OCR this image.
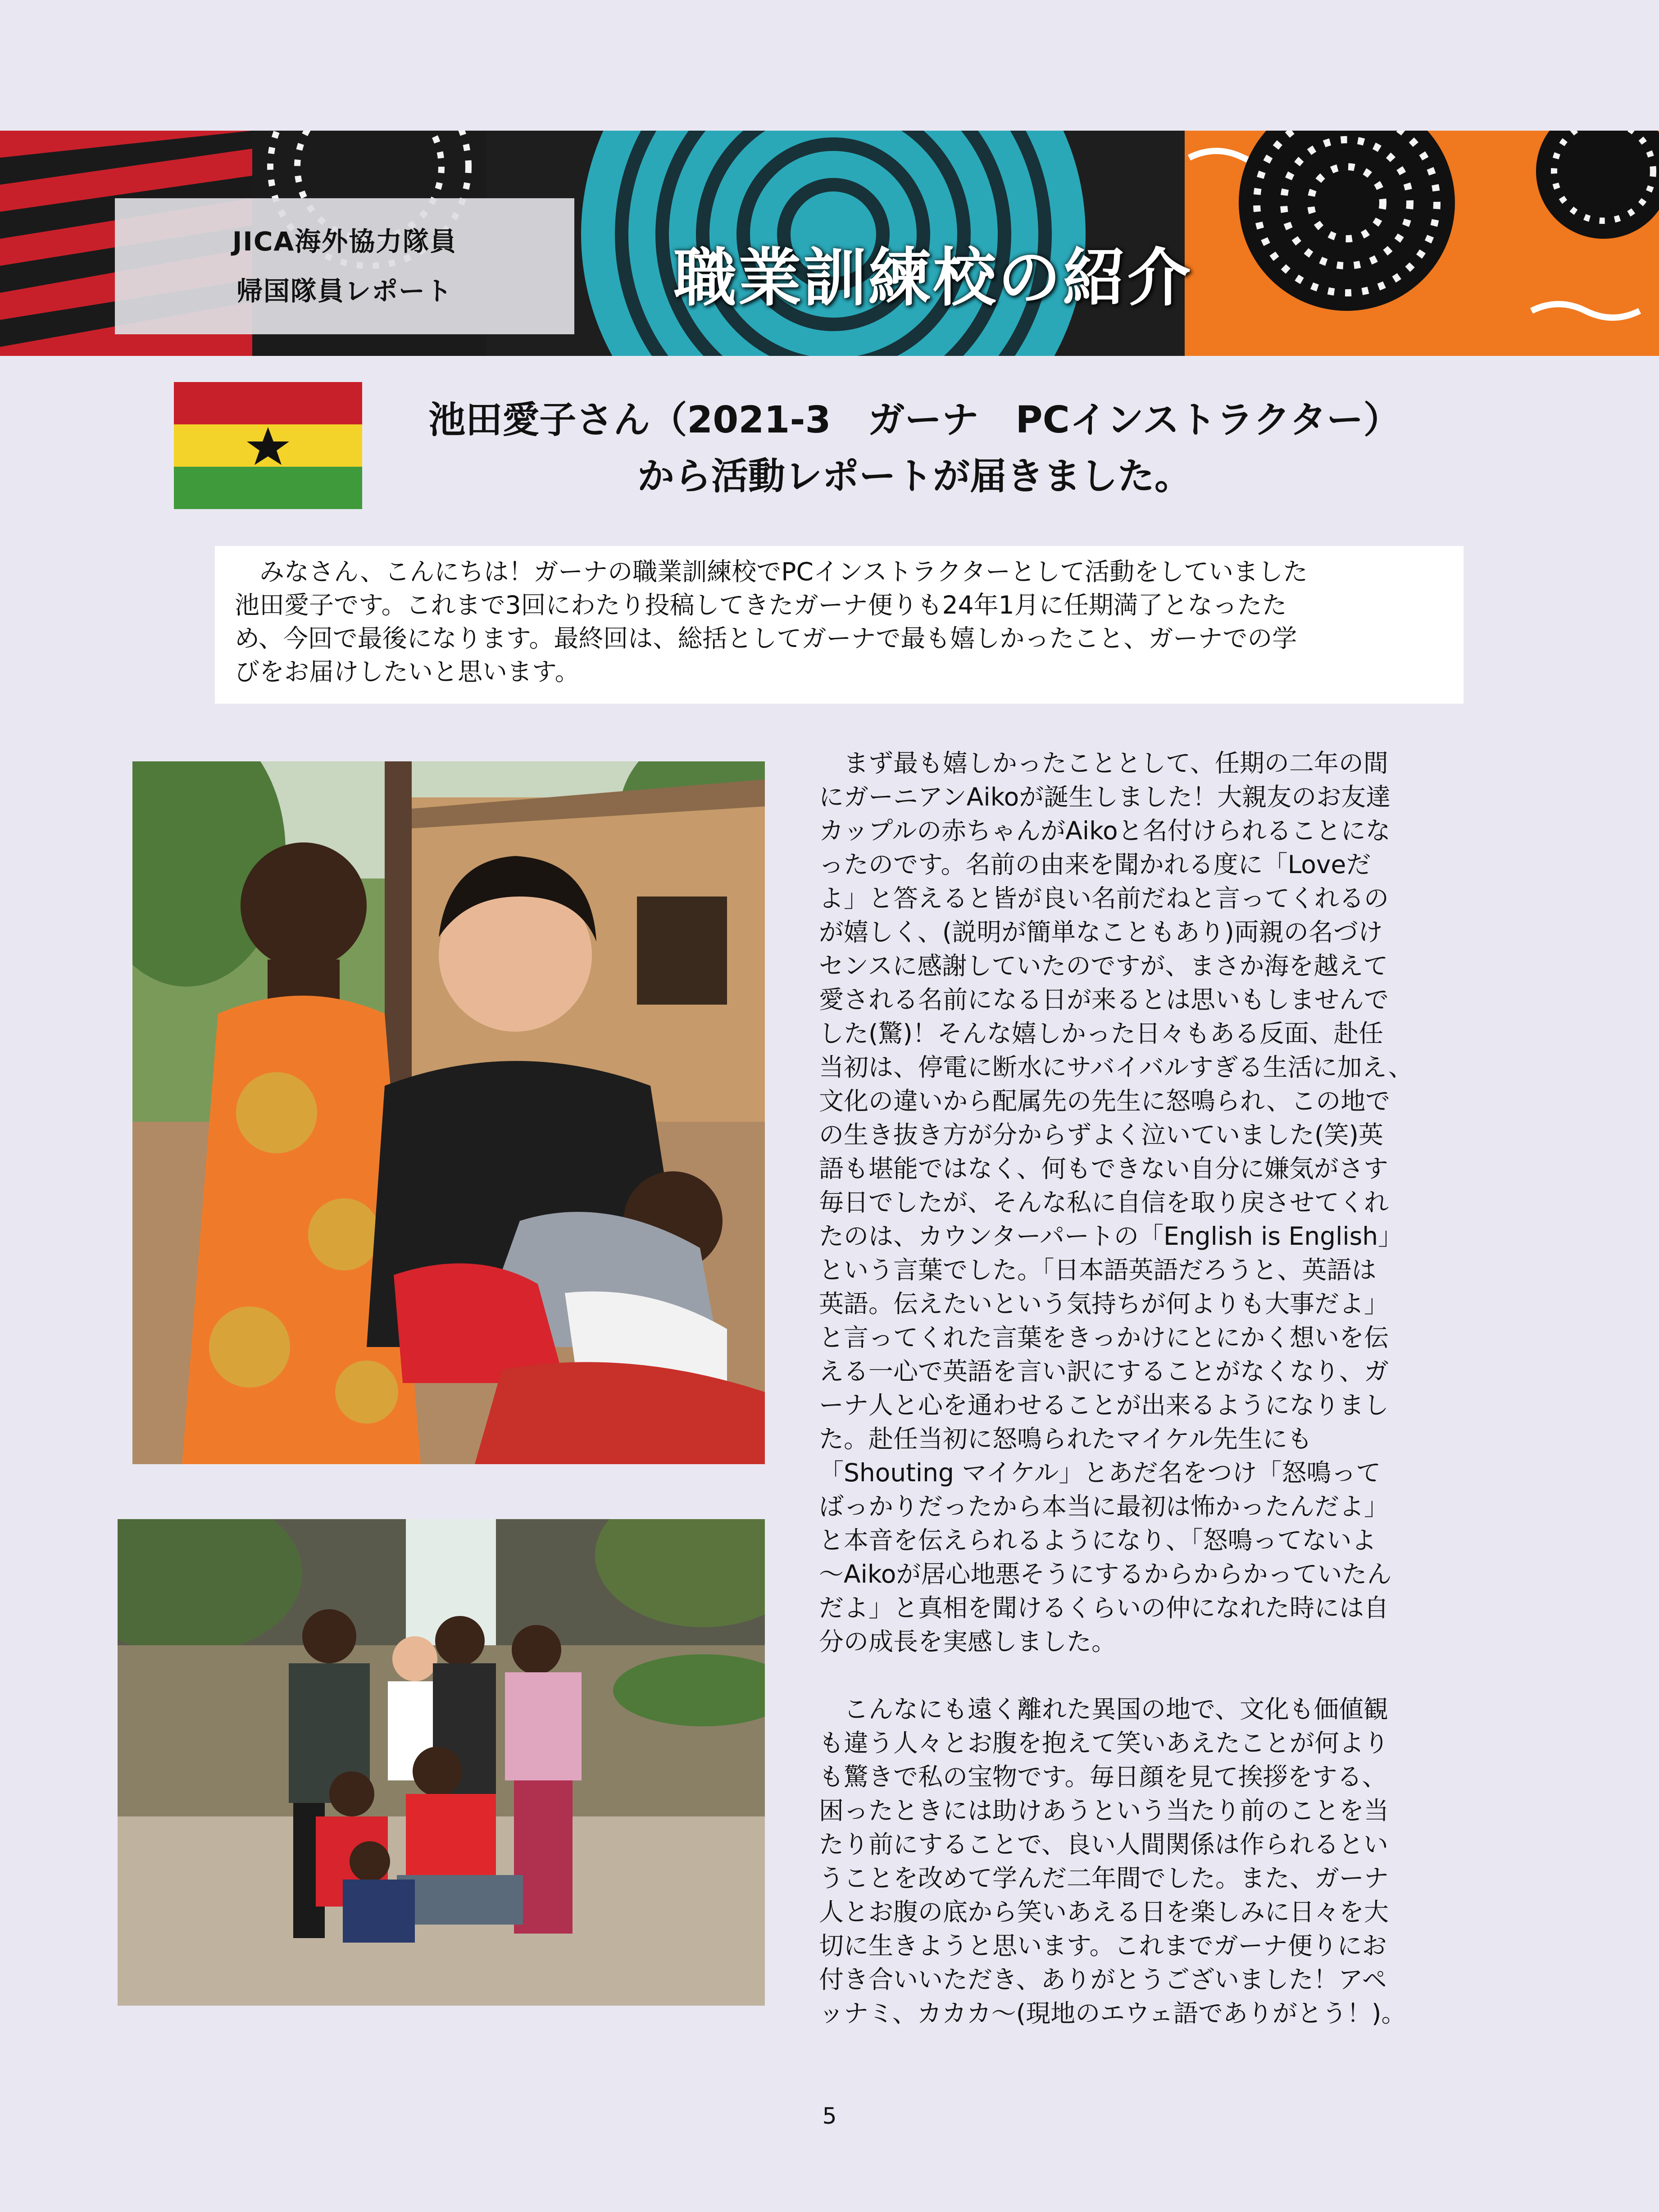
JICA海外協力隊員
帰国隊員レポート	職業訓練校の紹介
池田愛子さん（2021-3　ガーナ　PCインストラクター）
から活動レポートが届きました。
　みなさん、こんにちは！ガーナの職業訓練校でPCインストラクターとして活動をしていました
池田愛子です。これまで3回にわたり投稿してきたガーナ便りも24年1月に任期満了となったた
め、今回で最後になります。最終回は、総括としてガーナで最も嬉しかったこと、ガーナでの学
びをお届けしたいと思います。
　まず最も嬉しかったこととして、任期の二年の間
にガーニアンAikoが誕生しました！大親友のお友達
カップルの赤ちゃんがAikoと名付けられることにな
ったのです。名前の由来を聞かれる度に「Loveだ
よ」と答えると皆が良い名前だねと言ってくれるの
が嬉しく、(説明が簡単なこともあり)両親の名づけ
センスに感謝していたのですが、まさか海を越えて
愛される名前になる日が来るとは思いもしませんで
した(驚)！そんな嬉しかった日々もある反面、赴任
当初は、停電に断水にサバイバルすぎる生活に加え、
文化の違いから配属先の先生に怒鳴られ、この地で
の生き抜き方が分からずよく泣いていました(笑)英
語も堪能ではなく、何もできない自分に嫌気がさす
毎日でしたが、そんな私に自信を取り戻させてくれ
たのは、カウンターパートの「English is English」
という言葉でした。「日本語英語だろうと、英語は
英語。伝えたいという気持ちが何よりも大事だよ」
と言ってくれた言葉をきっかけにとにかく想いを伝
える一心で英語を言い訳にすることがなくなり、ガ
ーナ人と心を通わせることが出来るようになりまし
た。赴任当初に怒鳴られたマイケル先生にも
「Shouting マイケル」とあだ名をつけ「怒鳴って
ばっかりだったから本当に最初は怖かったんだよ」
と本音を伝えられるようになり、「怒鳴ってないよ
～Aikoが居心地悪そうにするからからかっていたん
だよ」と真相を聞けるくらいの仲になれた時には自
分の成長を実感しました。
　こんなにも遠く離れた異国の地で、文化も価値観
も違う人々とお腹を抱えて笑いあえたことが何より
も驚きで私の宝物です。毎日顔を見て挨拶をする、
困ったときには助けあうという当たり前のことを当
たり前にすることで、良い人間関係は作られるとい
うことを改めて学んだ二年間でした。また、ガーナ
人とお腹の底から笑いあえる日を楽しみに日々を大
切に生きようと思います。これまでガーナ便りにお
付き合いいただき、ありがとうございました！アペ
ッナミ、カカカ～(現地のエウェ語でありがとう！)。
5
